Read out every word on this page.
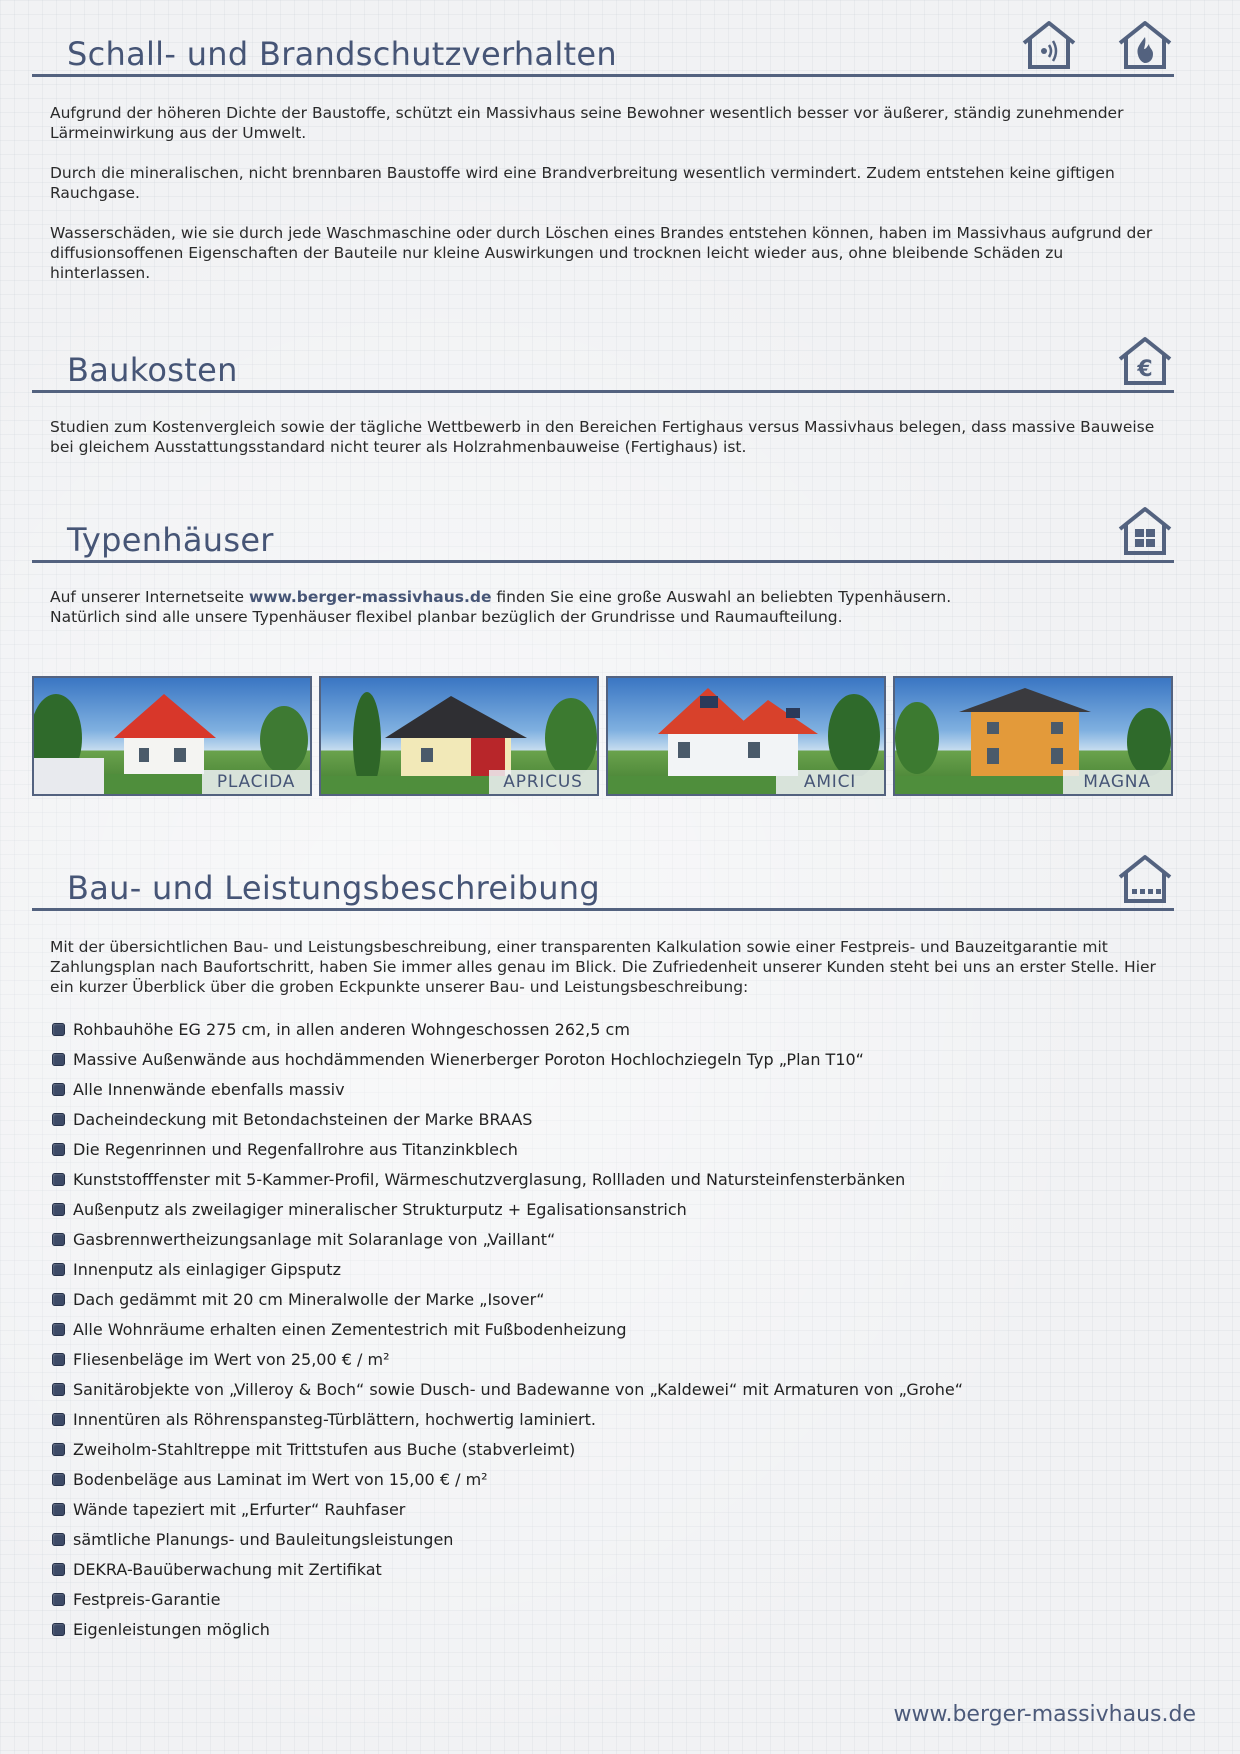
Schall- und Brandschutzverhalten

Aufgrund der höheren Dichte der Baustoffe, schützt ein Massivhaus seine Bewohner wesentlich besser vor äußerer, ständig zunehmender Lärmeinwirkung aus der Umwelt.

Durch die mineralischen, nicht brennbaren Baustoffe wird eine Brandverbreitung wesentlich vermindert. Zudem entstehen keine giftigen Rauchgase.

Wasserschäden, wie sie durch jede Waschmaschine oder durch Löschen eines Brandes entstehen können, haben im Massivhaus aufgrund der diffusionsoffenen Eigenschaften der Bauteile nur kleine Auswirkungen und trocknen leicht wieder aus, ohne bleibende Schäden zu hinterlassen.

Baukosten	€

Studien zum Kostenvergleich sowie der tägliche Wettbewerb in den Bereichen Fertighaus versus Massivhaus belegen, dass massive Bauweise bei gleichem Ausstattungsstandard nicht teurer als Holzrahmenbauweise (Fertighaus) ist.

Typenhäuser

Auf unserer Internetseite www.berger-massivhaus.de finden Sie eine große Auswahl an beliebten Typenhäusern.
Natürlich sind alle unsere Typenhäuser flexibel planbar bezüglich der Grundrisse und Raumaufteilung.

PLACIDA	APRICUS	AMICI	MAGNA
Bau- und Leistungsbeschreibung

Mit der übersichtlichen Bau- und Leistungsbeschreibung, einer transparenten Kalkulation sowie einer Festpreis- und Bauzeitgarantie mit Zahlungsplan nach Baufortschritt, haben Sie immer alles genau im Blick. Die Zufriedenheit unserer Kunden steht bei uns an erster Stelle. Hier ein kurzer Überblick über die groben Eckpunkte unserer Bau- und Leistungsbeschreibung:

Rohbauhöhe EG 275 cm, in allen anderen Wohngeschossen 262,5 cm
Massive Außenwände aus hochdämmenden Wienerberger Poroton Hochlochziegeln Typ „Plan T10“
Alle Innenwände ebenfalls massiv
Dacheindeckung mit Betondachsteinen der Marke BRAAS
Die Regenrinnen und Regenfallrohre aus Titanzinkblech
Kunststofffenster mit 5-Kammer-Profil, Wärmeschutzverglasung, Rollladen und Natursteinfensterbänken
Außenputz als zweilagiger mineralischer Strukturputz + Egalisationsanstrich
Gasbrennwertheizungsanlage mit Solaranlage von „Vaillant“
Innenputz als einlagiger Gipsputz
Dach gedämmt mit 20 cm Mineralwolle der Marke „Isover“
Alle Wohnräume erhalten einen Zementestrich mit Fußbodenheizung
Fliesenbeläge im Wert von 25,00 € / m²
Sanitärobjekte von „Villeroy & Boch“ sowie Dusch- und Badewanne von „Kaldewei“ mit Armaturen von „Grohe“
Innentüren als Röhrenspansteg-Türblättern, hochwertig laminiert.
Zweiholm-Stahltreppe mit Trittstufen aus Buche (stabverleimt)
Bodenbeläge aus Laminat im Wert von 15,00 € / m²
Wände tapeziert mit „Erfurter“ Rauhfaser
sämtliche Planungs- und Bauleitungsleistungen
DEKRA-Bauüberwachung mit Zertifikat
Festpreis-Garantie
Eigenleistungen möglich
www.berger-massivhaus.de
